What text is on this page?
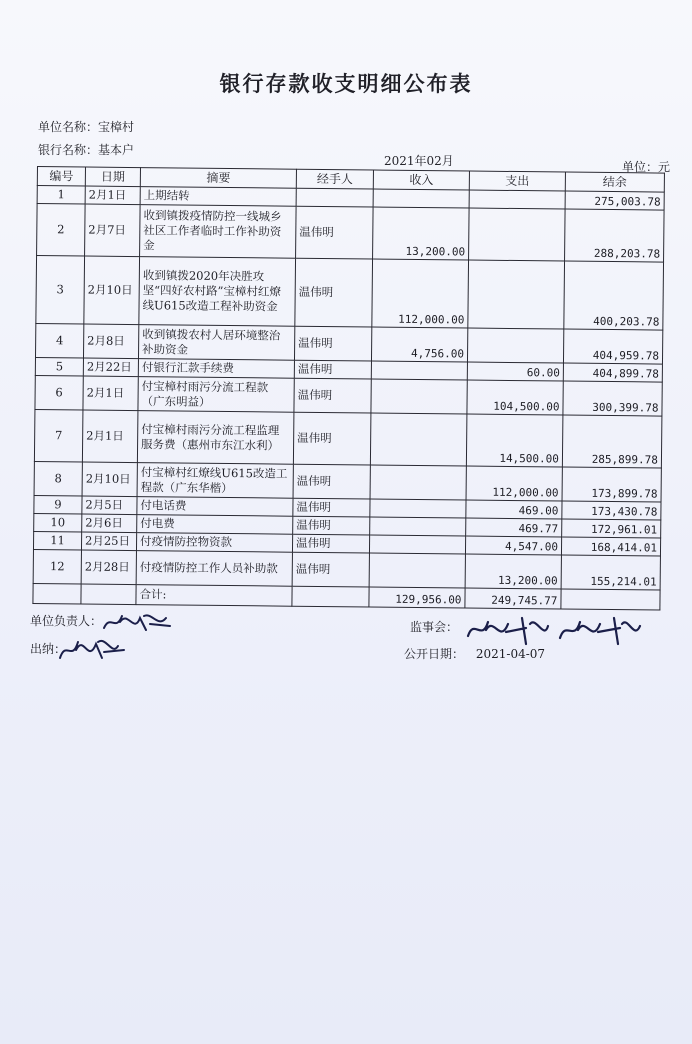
银行存款收支明细公布表
单位名称：宝樟村
银行名称：基本户
2021年02月	单位：元
编号	日期	摘要	经手人	收入	支出	结余
1	2月1日	上期结转				275,003.78
2	2月7日	收到镇拨疫情防控一线城乡社区工作者临时工作补助资金	温伟明	13,200.00		288,203.78
3	2月10日	收到镇拨2020年决胜攻坚“四好农村路”宝樟村红燎线U615改造工程补助资金	温伟明	112,000.00		400,203.78
4	2月8日	收到镇拨农村人居环境整治补助资金	温伟明	4,756.00		404,959.78
5	2月22日	付银行汇款手续费	温伟明		60.00	404,899.78
6	2月1日	付宝樟村雨污分流工程款（广东明益）	温伟明		104,500.00	300,399.78
7	2月1日	付宝樟村雨污分流工程监理服务费（惠州市东江水利）	温伟明		14,500.00	285,899.78
8	2月10日	付宝樟村红燎线U615改造工程款（广东华楷）	温伟明		112,000.00	173,899.78
9	2月5日	付电话费	温伟明		469.00	173,430.78
10	2月6日	付电费	温伟明		469.77	172,961.01
11	2月25日	付疫情防控物资款	温伟明		4,547.00	168,414.01
12	2月28日	付疫情防控工作人员补助款	温伟明		13,200.00	155,214.01
		合计:		129,956.00	249,745.77	
单位负责人：
出纳：
监事会：
公开日期： 2021-04-07
